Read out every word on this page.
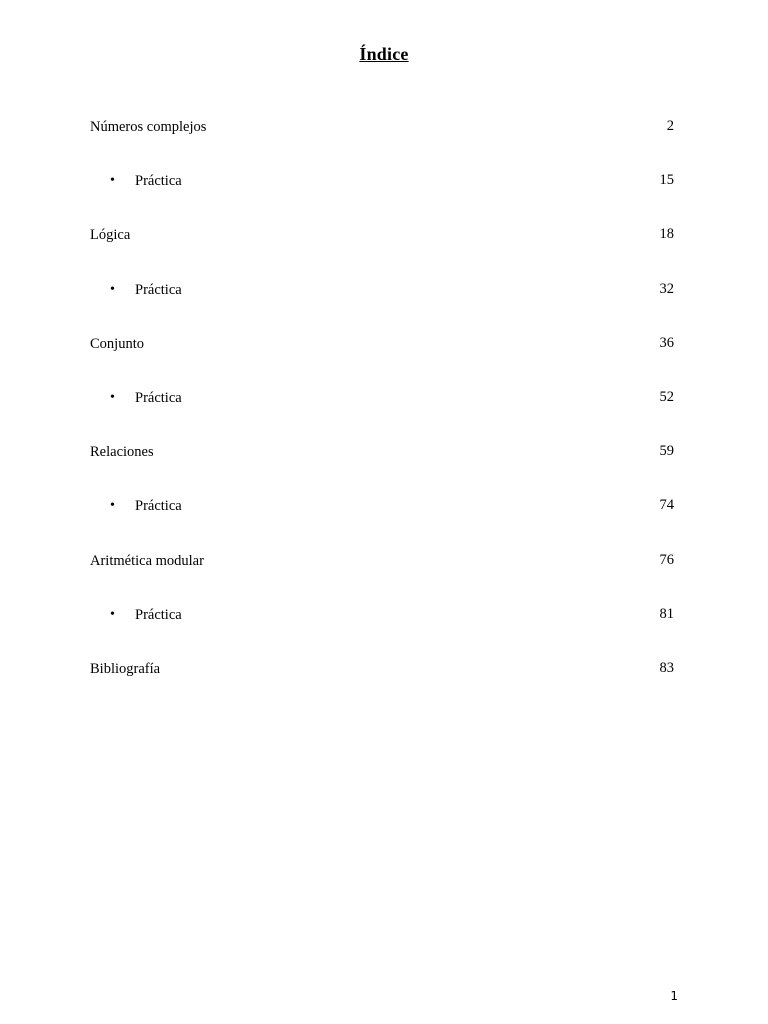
Índice
Números complejos	2
• Práctica	15
Lógica	18
• Práctica	32
Conjunto	36
• Práctica	52
Relaciones	59
• Práctica	74
Aritmética modular	76
• Práctica	81
Bibliografía	83
1
